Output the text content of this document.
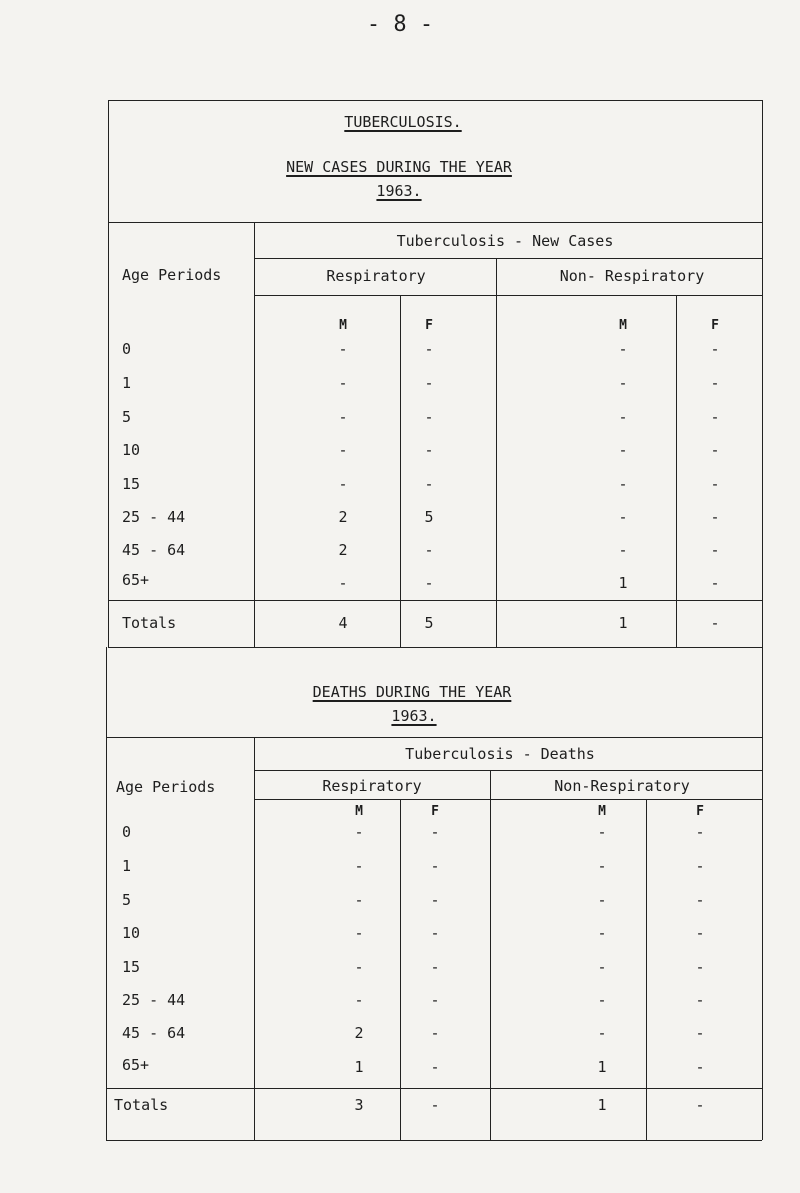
- 8 -
TUBERCULOSIS.
NEW CASES DURING THE YEAR
1963.
Tuberculosis - New Cases
Age Periods	Respiratory	Non- Respiratory
M	F	M	F
0	-	-	-	-
1	-	-	-	-
5	-	-	-	-
10	-	-	-	-
15	-	-	-	-
25 - 44	2	5	-	-
45 - 64	2	-	-	-
65+	-	-	1	-
Totals	4	5	1	-
DEATHS DURING THE YEAR
1963.
Tuberculosis - Deaths
Age Periods	Respiratory	Non-Respiratory
M	F	M	F
0	-	-	-	-
1	-	-	-	-
5	-	-	-	-
10	-	-	-	-
15	-	-	-	-
25 - 44	-	-	-	-
45 - 64	2	-	-	-
65+	1	-	1	-
Totals	3	-	1	-
